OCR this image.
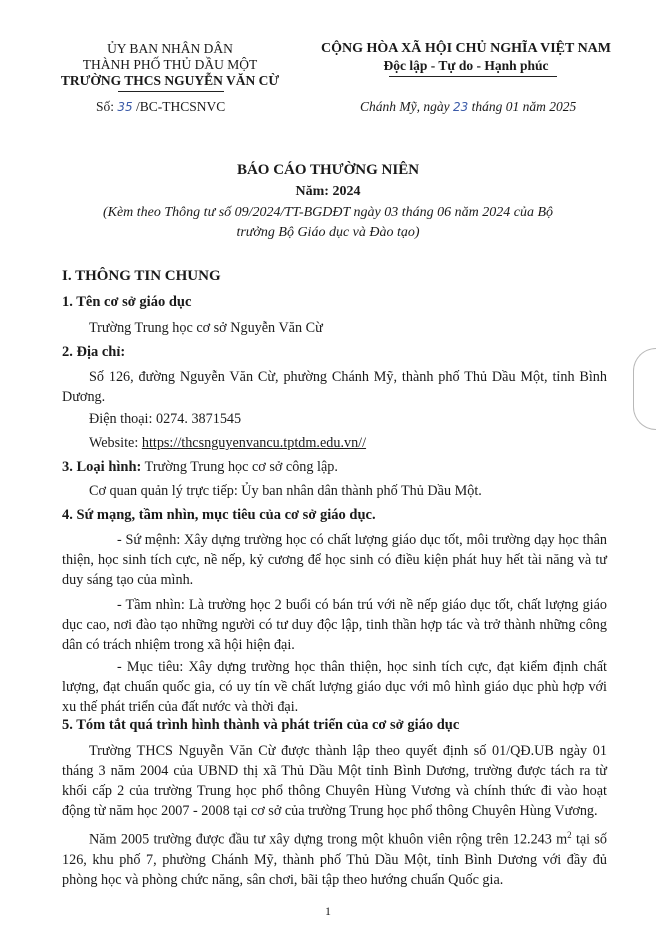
ỦY BAN NHÂN DÂN
THÀNH PHỐ THỦ DẦU MỘT
TRƯỜNG THCS NGUYỄN VĂN CỪ
Số: 35 /BC-THCSNVC
CỘNG HÒA XÃ HỘI CHỦ NGHĨA VIỆT NAM
Độc lập - Tự do - Hạnh phúc
Chánh Mỹ, ngày 23 tháng 01 năm 2025
BÁO CÁO THƯỜNG NIÊN
Năm: 2024
(Kèm theo Thông tư số 09/2024/TT-BGDĐT ngày 03 tháng 06 năm 2024 của Bộ
trưởng Bộ Giáo dục và Đào tạo)
I. THÔNG TIN CHUNG
1. Tên cơ sở giáo dục
Trường Trung học cơ sở Nguyễn Văn Cừ
2. Địa chỉ:
Số 126, đường Nguyễn Văn Cừ, phường Chánh Mỹ, thành phố Thủ Dầu Một, tỉnh Bình Dương.
Điện thoại: 0274. 3871545
Website: https://thcsnguyenvancu.tptdm.edu.vn//
3. Loại hình: Trường Trung học cơ sở công lập.
Cơ quan quản lý trực tiếp: Ủy ban nhân dân thành phố Thủ Dầu Một.
4. Sứ mạng, tầm nhìn, mục tiêu của cơ sở giáo dục.
- Sứ mệnh: Xây dựng trường học có chất lượng giáo dục tốt, môi trường dạy học thân thiện, học sinh tích cực, nề nếp, kỷ cương để học sinh có điều kiện phát huy hết tài năng và tư duy sáng tạo của mình.
- Tầm nhìn: Là trường học 2 buổi có bán trú với nề nếp giáo dục tốt, chất lượng giáo dục cao, nơi đào tạo những người có tư duy độc lập, tinh thần hợp tác và trở thành những công dân có trách nhiệm trong xã hội hiện đại.
- Mục tiêu: Xây dựng trường học thân thiện, học sinh tích cực, đạt kiểm định chất lượng, đạt chuẩn quốc gia, có uy tín về chất lượng giáo dục với mô hình giáo dục phù hợp với xu thế phát triển của đất nước và thời đại.
5. Tóm tắt quá trình hình thành và phát triển của cơ sở giáo dục
Trường THCS Nguyễn Văn Cừ được thành lập theo quyết định số 01/QĐ.UB ngày 01 tháng 3 năm 2004 của UBND thị xã Thủ Dầu Một tỉnh Bình Dương, trường được tách ra từ khối cấp 2 của trường Trung học phổ thông Chuyên Hùng Vương và chính thức đi vào hoạt động từ năm học 2007 - 2008 tại cơ sở của trường Trung học phổ thông Chuyên Hùng Vương.
Năm 2005 trường được đầu tư xây dựng trong một khuôn viên rộng trên 12.243 $m^2$ tại số 126, khu phố 7, phường Chánh Mỹ, thành phố Thủ Dầu Một, tỉnh Bình Dương với đầy đủ phòng học và phòng chức năng, sân chơi, bãi tập theo hướng chuẩn Quốc gia.
1
